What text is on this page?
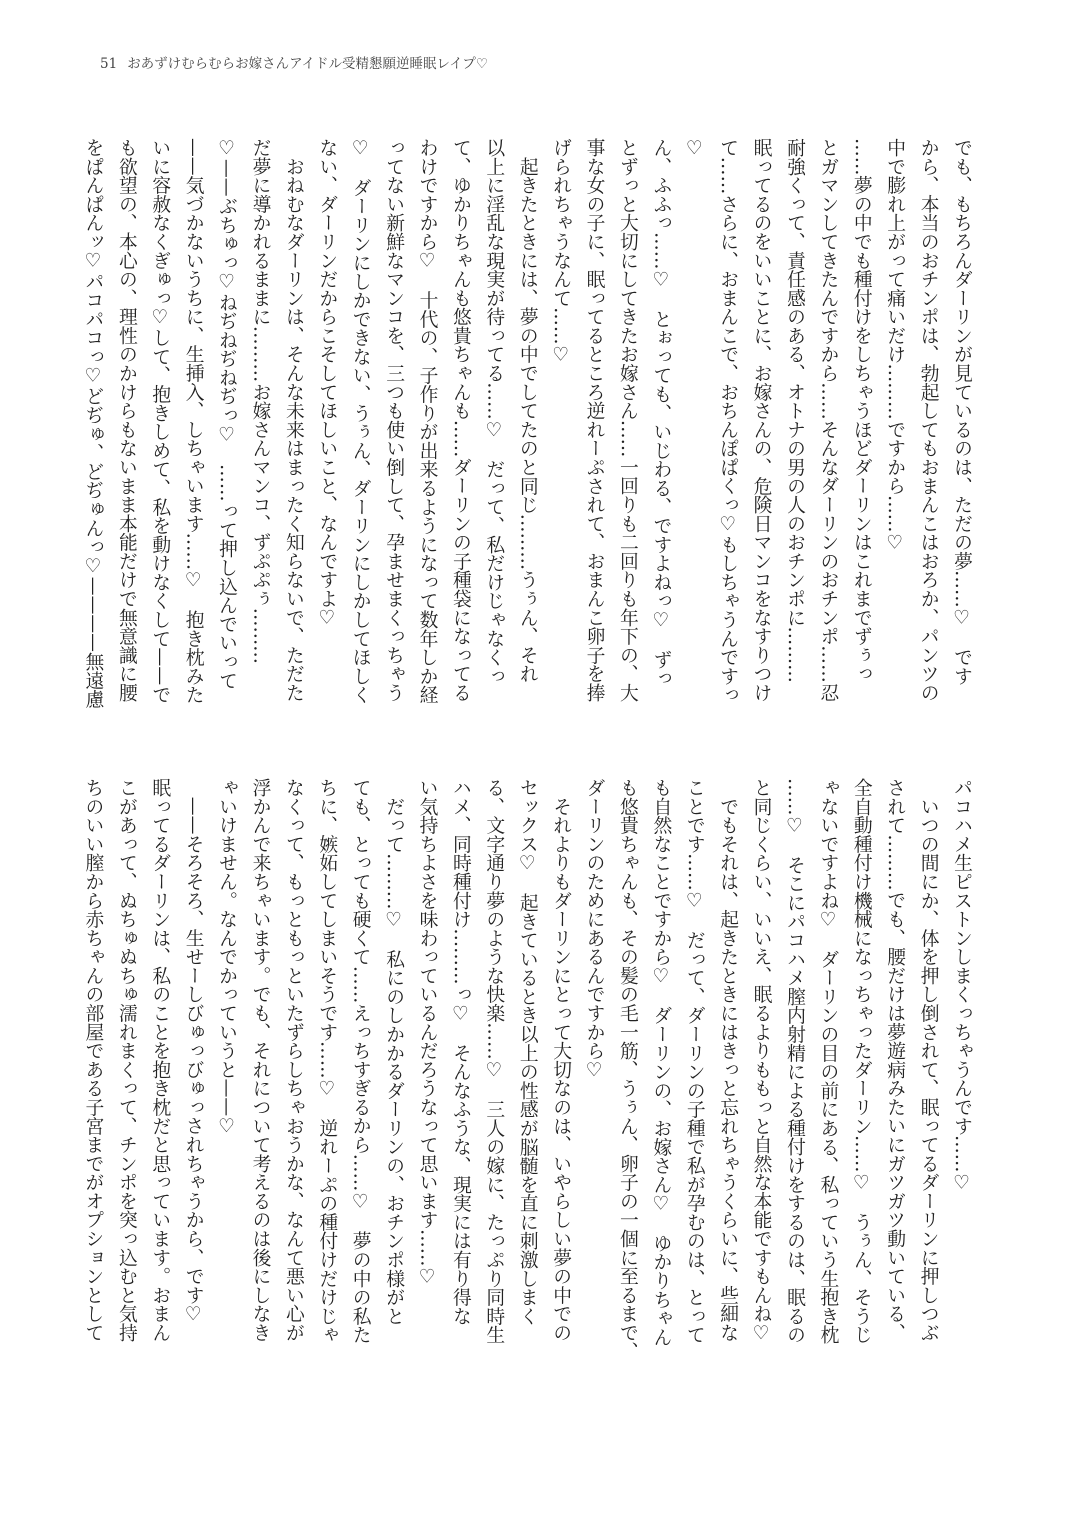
51 おあずけむらむらお嫁さんアイドル受精懇願逆睡眠レイプ♡
でも、もちろんダーリンが見ているのは、ただの夢……♡　です
から、本当のおチンポは、勃起してもおまんこはおろか、パンツの
中で膨れ上がって痛いだけ………ですから……♡
……夢の中でも種付けをしちゃうほどダーリンはこれまでずぅっ
とガマンしてきたんですから……そんなダーリンのおチンポ……忍
耐強くって、責任感のある、オトナの男の人のおチンポに………
眠ってるのをいいことに、お嫁さんの、危険日マンコをなすりつけ
て……さらに、おまんこで、おちんぽぱくっ♡もしちゃうんですっ
♡
ん、ふふっ……♡　とぉっても、いじわる、ですよねっ♡　ずっ
とずっと大切にしてきたお嫁さん……一回りも二回りも年下の、大
事な女の子に、眠ってるところ逆れーぷされて、おまんこ卵子を捧
げられちゃうなんて……♡
　起きたときには、夢の中でしてたのと同じ………うぅん、それ
以上に淫乱な現実が待ってる……♡　だって、私だけじゃなくっ
て、ゆかりちゃんも悠貴ちゃんも……ダーリンの子種袋になってる
わけですから♡　十代の、子作りが出来るようになって数年しか経
ってない新鮮なマンコを、三つも使い倒して、孕ませまくっちゃう
♡　ダーリンにしかできない、うぅん、ダーリンにしかしてほしく
ない、ダーリンだからこそしてほしいこと、なんですよ♡
　おねむなダーリンは、そんな未来はまったく知らないで、ただた
だ夢に導かれるままに………お嫁さんマンコ、ずぷぷぅ………
♡——ぶちゅっ♡ねぢねぢねぢっ♡　……って押し込んでいって
——気づかないうちに、生挿入、しちゃいます……♡　抱き枕みた
いに容赦なくぎゅっ♡して、抱きしめて、私を動けなくして——で
も欲望の、本心の、理性のかけらもないまま本能だけで無意識に腰
をぱんぱんッ♡パコパコっ♡どぢゅ、どぢゅんっ♡————無遠慮
パコハメ生ピストンしまくっちゃうんです……♡
　いつの間にか、体を押し倒されて、眠ってるダーリンに押しつぶ
されて………でも、腰だけは夢遊病みたいにガツガツ動いている、
全自動種付け機械になっちゃったダーリン……♡　うぅん、そうじ
ゃないですよね♡　ダーリンの目の前にある、私っていう生抱き枕
……♡　そこにパコハメ膣内射精による種付けをするのは、眠るの
と同じくらい、いいえ、眠るよりももっと自然な本能ですもんね♡
　でもそれは、起きたときにはきっと忘れちゃうくらいに、些細な
ことです……♡　だって、ダーリンの子種で私が孕むのは、とって
も自然なことですから♡　ダーリンの、お嫁さん♡　ゆかりちゃん
も悠貴ちゃんも、その髪の毛一筋、うぅん、卵子の一個に至るまで、
ダーリンのためにあるんですから♡
　それよりもダーリンにとって大切なのは、いやらしい夢の中での
セックス♡　起きているとき以上の性感が脳髄を直に刺激しまく
る、文字通り夢のような快楽……♡　三人の嫁に、たっぷり同時生
ハメ、同時種付け………っ♡　そんなふうな、現実には有り得な
い気持ちよさを味わっているんだろうなって思います……♡
　だって………♡　私にのしかかるダーリンの、おチンポ様がと
ても、とっても硬くて……えっちすぎるから……♡　夢の中の私た
ちに、嫉妬してしまいそうです……♡　逆れーぷの種付けだけじゃ
なくって、もっともっといたずらしちゃおうかな、なんて悪い心が
浮かんで来ちゃいます。でも、それについて考えるのは後にしなき
ゃいけません。なんでかっていうと——♡
　——そろそろ、生せーしびゅっびゅっされちゃうから、です♡
眠ってるダーリンは、私のことを抱き枕だと思っています。おまん
こがあって、ぬちゅぬちゅ濡れまくって、チンポを突っ込むと気持
ちのいい膣から赤ちゃんの部屋である子宮までがオプションとして
